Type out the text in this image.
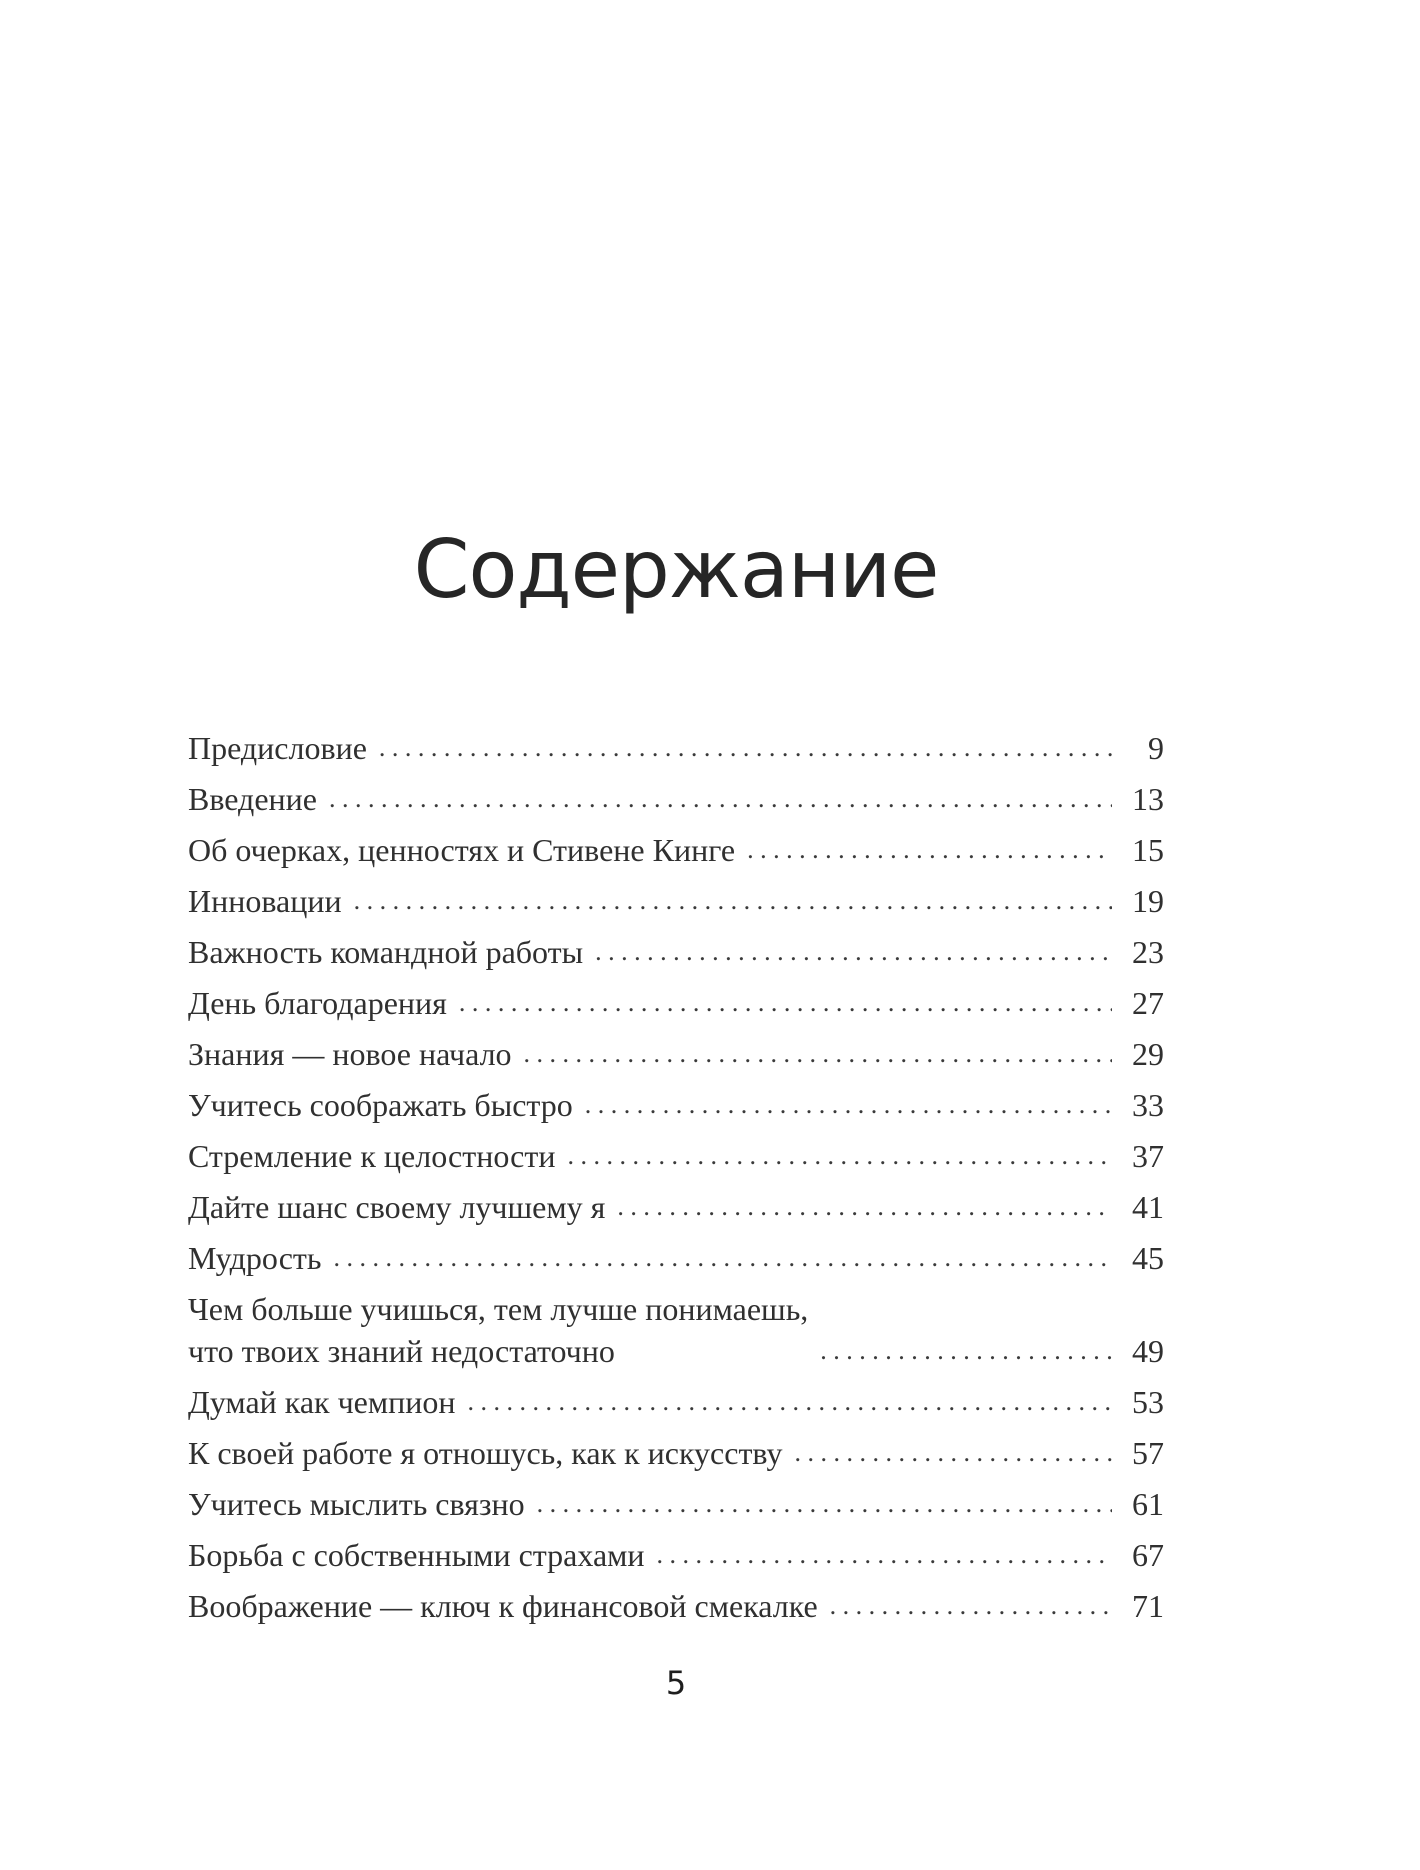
Содержание
Предисловие . . .	9
Введение . . .	13
Об очерках, ценностях и Стивене Кинге . . .	15
Инновации . . .	19
Важность командной работы . . .	23
День благодарения . . .	27
Знания — новое начало . . .	29
Учитесь соображать быстро . . .	33
Стремление к целостности . . .	37
Дайте шанс своему лучшему я . . .	41
Мудрость . . .	45
Чем больше учишься, тем лучше понимаешь,
что твоих знаний недостаточно . . .	49
Думай как чемпион . . .	53
К своей работе я отношусь, как к искусству . . .	57
Учитесь мыслить связно . . .	61
Борьба с собственными страхами . . .	67
Воображение — ключ к финансовой смекалке . . .	71

5
